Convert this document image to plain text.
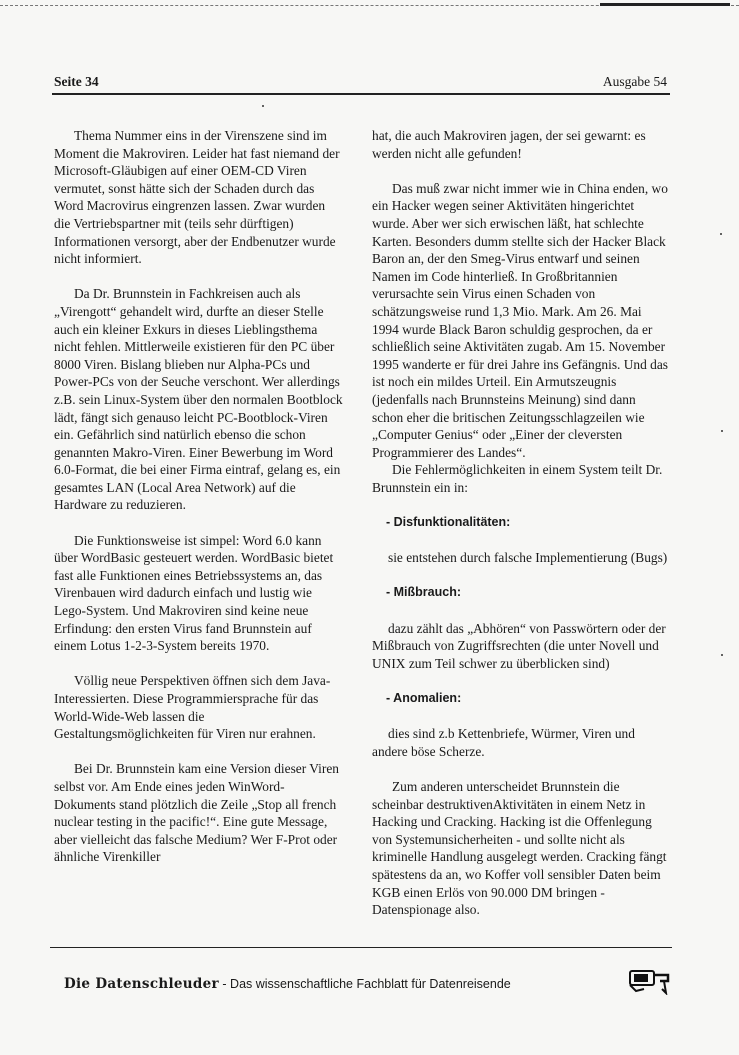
Seite 34	Ausgabe 54

Thema Nummer eins in der Virenszene sind im Moment die Makroviren. Leider hat fast niemand der Microsoft-Gläubigen auf einer OEM-CD Viren vermutet, sonst hätte sich der Schaden durch das Word Macrovirus eingrenzen lassen. Zwar wurden die Vertriebspartner mit (teils sehr dürftigen) Informationen versorgt, aber der Endbenutzer wurde nicht informiert.

Da Dr. Brunnstein in Fachkreisen auch als „Virengott“ gehandelt wird, durfte an dieser Stelle auch ein kleiner Exkurs in dieses Lieblingsthema nicht fehlen. Mittlerweile existieren für den PC über 8000 Viren. Bislang blieben nur Alpha-PCs und Power-PCs von der Seuche verschont. Wer allerdings z.B. sein Linux-System über den normalen Bootblock lädt, fängt sich genauso leicht PC-Bootblock-Viren ein. Gefährlich sind natürlich ebenso die schon genannten Makro-Viren. Einer Bewerbung im Word 6.0-Format, die bei einer Firma eintraf, gelang es, ein gesamtes LAN (Local Area Network) auf die Hardware zu reduzieren.

Die Funktionsweise ist simpel: Word 6.0 kann über WordBasic gesteuert werden. WordBasic bietet fast alle Funktionen eines Betriebssystems an, das Virenbauen wird dadurch einfach und lustig wie Lego-System. Und Makroviren sind keine neue Erfindung: den ersten Virus fand Brunnstein auf einem Lotus 1-2-3-System bereits 1970.

Völlig neue Perspektiven öffnen sich dem Java-Interessierten. Diese Programmiersprache für das World-Wide-Web lassen die Gestaltungsmöglichkeiten für Viren nur erahnen.

Bei Dr. Brunnstein kam eine Version dieser Viren selbst vor. Am Ende eines jeden WinWord-Dokuments stand plötzlich die Zeile „Stop all french nuclear testing in the pacific!“. Eine gute Message, aber vielleicht das falsche Medium? Wer F-Prot oder ähnliche Virenkiller

hat, die auch Makroviren jagen, der sei gewarnt: es werden nicht alle gefunden!

Das muß zwar nicht immer wie in China enden, wo ein Hacker wegen seiner Aktivitäten hingerichtet wurde. Aber wer sich erwischen läßt, hat schlechte Karten. Besonders dumm stellte sich der Hacker Black Baron an, der den Smeg-Virus entwarf und seinen Namen im Code hinterließ. In Großbritannien verursachte sein Virus einen Schaden von schätzungsweise rund 1,3 Mio. Mark. Am 26. Mai 1994 wurde Black Baron schuldig gesprochen, da er schließlich seine Aktivitäten zugab. Am 15. November 1995 wanderte er für drei Jahre ins Gefängnis. Und das ist noch ein mildes Urteil. Ein Armutszeugnis (jedenfalls nach Brunnsteins Meinung) sind dann schon eher die britischen Zeitungsschlagzeilen wie „Computer Genius“ oder „Einer der cleversten Programmierer des Landes“.

Die Fehlermöglichkeiten in einem System teilt Dr. Brunnstein ein in:

- Disfunktionalitäten:

sie entstehen durch falsche Implementierung (Bugs)

- Mißbrauch:

dazu zählt das „Abhören“ von Passwörtern oder der Mißbrauch von Zugriffsrechten (die unter Novell und UNIX zum Teil schwer zu überblicken sind)

- Anomalien:

dies sind z.b Kettenbriefe, Würmer, Viren und andere böse Scherze.

Zum anderen unterscheidet Brunnstein die scheinbar destruktivenAktivitäten in einem Netz in Hacking und Cracking. Hacking ist die Offenlegung von Systemunsicherheiten - und sollte nicht als kriminelle Handlung ausgelegt werden. Cracking fängt spätestens da an, wo Koffer voll sensibler Daten beim KGB einen Erlös von 90.000 DM bringen -Datenspionage also.

Die Datenschleuder - Das wissenschaftliche Fachblatt für Datenreisende
